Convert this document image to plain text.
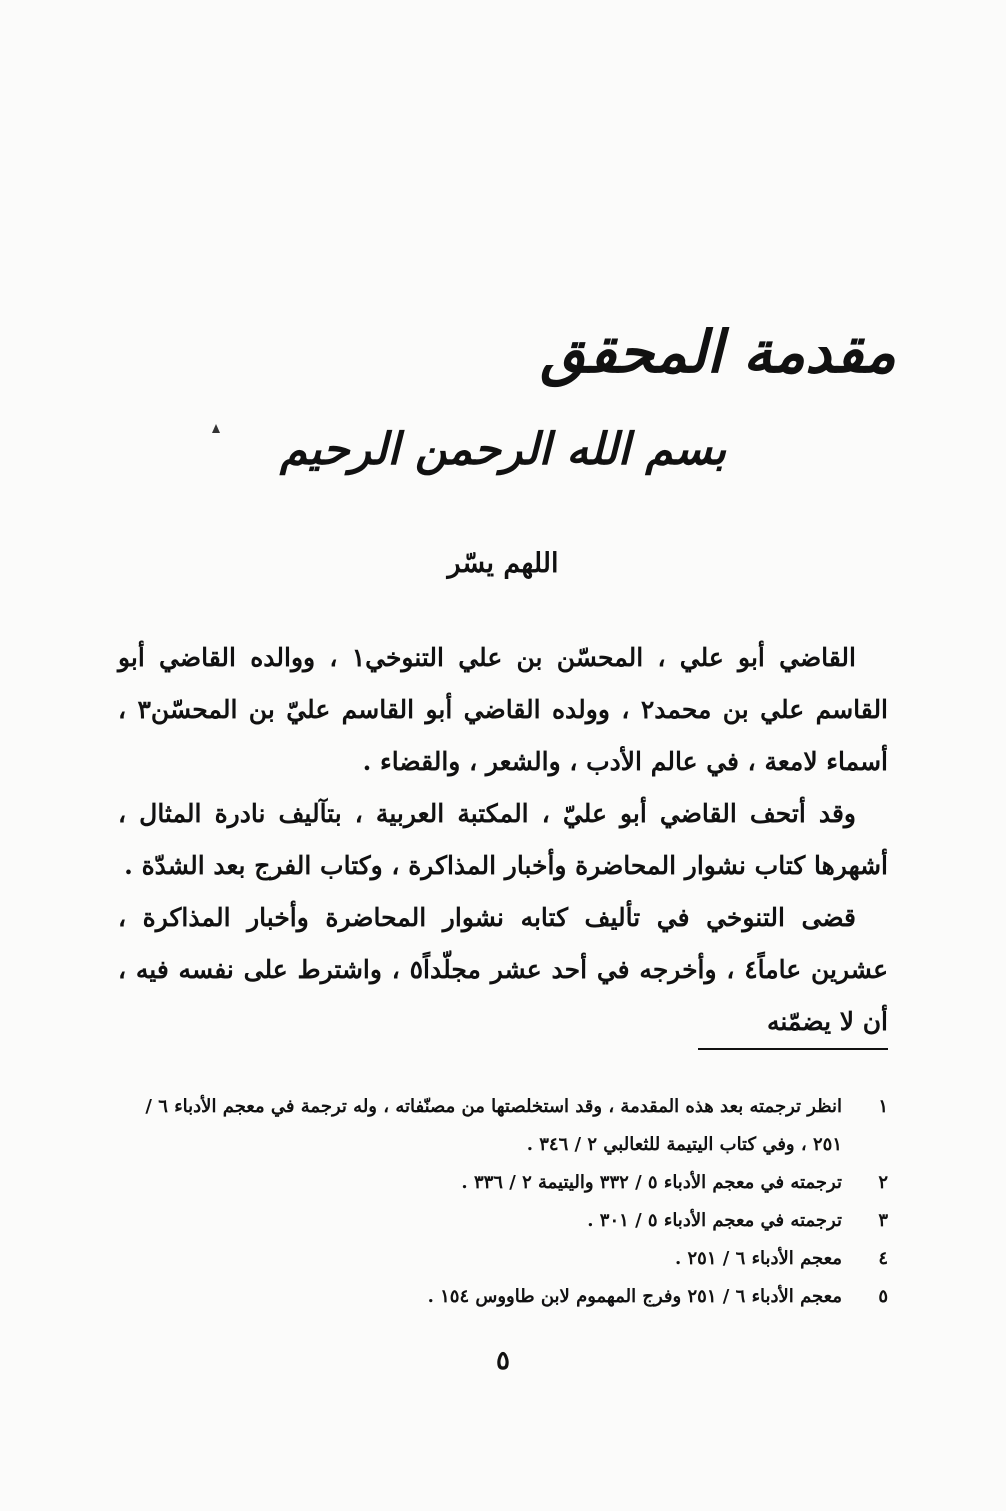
مقدمة المحقق
بسم الله الرحمن الرحيم
اللهم يسّر

القاضي أبو علي ، المحسّن بن علي التنوخي١ ، ووالده القاضي أبو القاسم علي بن محمد٢ ، وولده القاضي أبو القاسم عليّ بن المحسّن٣ ، أسماء لامعة ، في عالم الأدب ، والشعر ، والقضاء .

وقد أتحف القاضي أبو عليّ ، المكتبة العربية ، بتآليف نادرة المثال ، أشهرها كتاب نشوار المحاضرة وأخبار المذاكرة ، وكتاب الفرج بعد الشدّة .

قضى التنوخي في تأليف كتابه نشوار المحاضرة وأخبار المذاكرة ، عشرين عاماً٤ ، وأخرجه في أحد عشر مجلّداً٥ ، واشترط على نفسه فيه ، أن لا يضمّنه

١
انظر ترجمته بعد هذه المقدمة ، وقد استخلصتها من مصنّفاته ، وله ترجمة في معجم الأدباء ٦ / ٢٥١ ، وفي كتاب اليتيمة للثعالبي ٢ / ٣٤٦ .
٢
ترجمته في معجم الأدباء ٥ / ٣٣٢ واليتيمة ٢ / ٣٣٦ .
٣
ترجمته في معجم الأدباء ٥ / ٣٠١ .
٤
معجم الأدباء ٦ / ٢٥١ .
٥
معجم الأدباء ٦ / ٢٥١ وفرج المهموم لابن طاووس ١٥٤ .
٥
